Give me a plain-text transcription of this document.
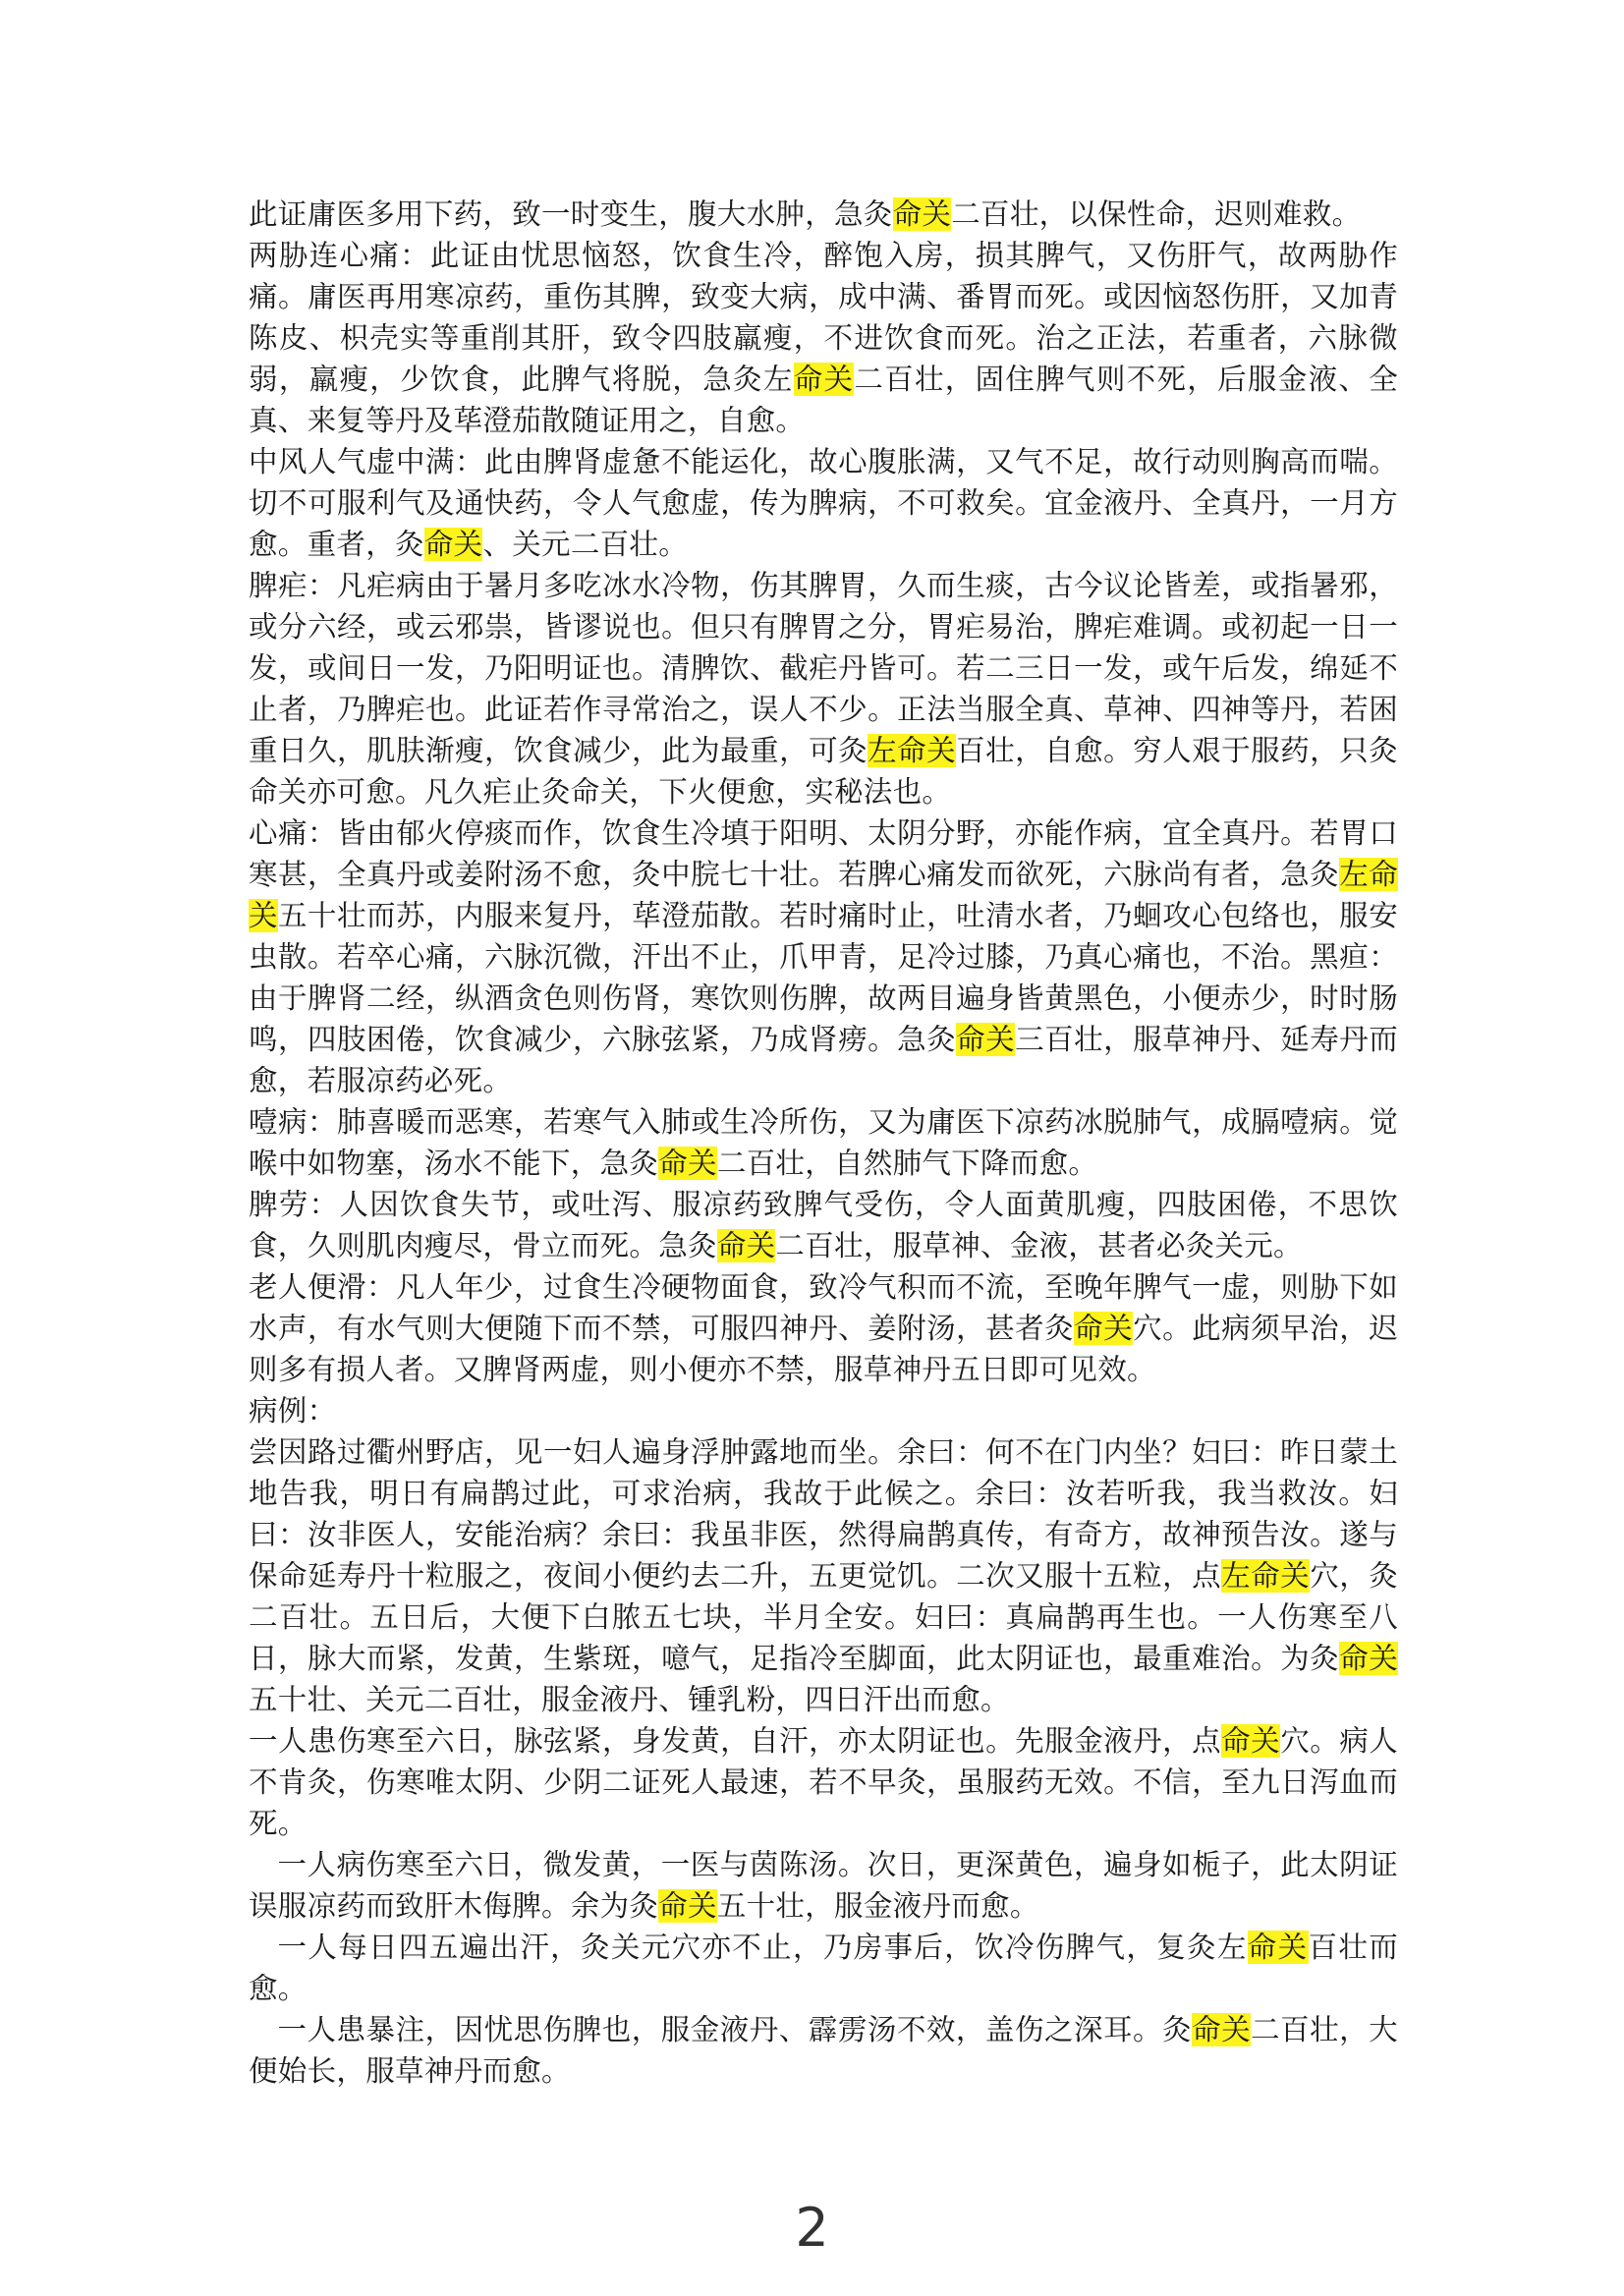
此证庸医多用下药，致一时变生，腹大水肿，急灸命关二百壮，以保性命，迟则难救。

两胁连心痛：此证由忧思恼怒，饮食生冷，醉饱入房，损其脾气，又伤肝气，故两胁作痛。庸医再用寒凉药，重伤其脾，致变大病，成中满、番胃而死。或因恼怒伤肝，又加青陈皮、枳壳实等重削其肝，致令四肢羸瘦，不进饮食而死。治之正法，若重者，六脉微弱，羸瘦，少饮食，此脾气将脱，急灸左命关二百壮，固住脾气则不死，后服金液、全真、来复等丹及荜澄茄散随证用之，自愈。

中风人气虚中满：此由脾肾虚惫不能运化，故心腹胀满，又气不足，故行动则胸高而喘。切不可服利气及通快药，令人气愈虚，传为脾病，不可救矣。宜金液丹、全真丹，一月方愈。重者，灸命关、关元二百壮。

脾疟：凡疟病由于暑月多吃冰水冷物，伤其脾胃，久而生痰，古今议论皆差，或指暑邪，或分六经，或云邪祟，皆谬说也。但只有脾胃之分，胃疟易治，脾疟难调。或初起一日一发，或间日一发，乃阳明证也。清脾饮、截疟丹皆可。若二三日一发，或午后发，绵延不止者，乃脾疟也。此证若作寻常治之，误人不少。正法当服全真、草神、四神等丹，若困重日久，肌肤渐瘦，饮食减少，此为最重，可灸左命关百壮，自愈。穷人艰于服药，只灸命关亦可愈。凡久疟止灸命关，下火便愈，实秘法也。

心痛：皆由郁火停痰而作，饮食生冷填于阳明、太阴分野，亦能作病，宜全真丹。若胃口寒甚，全真丹或姜附汤不愈，灸中脘七十壮。若脾心痛发而欲死，六脉尚有者，急灸左命关五十壮而苏，内服来复丹，荜澄茄散。若时痛时止，吐清水者，乃蛔攻心包络也，服安虫散。若卒心痛，六脉沉微，汗出不止，爪甲青，足冷过膝，乃真心痛也，不治。黑疸：由于脾肾二经，纵酒贪色则伤肾，寒饮则伤脾，故两目遍身皆黄黑色，小便赤少，时时肠鸣，四肢困倦，饮食减少，六脉弦紧，乃成肾痨。急灸命关三百壮，服草神丹、延寿丹而愈，若服凉药必死。

噎病：肺喜暖而恶寒，若寒气入肺或生冷所伤，又为庸医下凉药冰脱肺气，成膈噎病。觉喉中如物塞，汤水不能下，急灸命关二百壮，自然肺气下降而愈。

脾劳：人因饮食失节，或吐泻、服凉药致脾气受伤，令人面黄肌瘦，四肢困倦，不思饮食，久则肌肉瘦尽，骨立而死。急灸命关二百壮，服草神、金液，甚者必灸关元。

老人便滑：凡人年少，过食生冷硬物面食，致冷气积而不流，至晚年脾气一虚，则胁下如水声，有水气则大便随下而不禁，可服四神丹、姜附汤，甚者灸命关穴。此病须早治，迟则多有损人者。又脾肾两虚，则小便亦不禁，服草神丹五日即可见效。

病例：

尝因路过衢州野店，见一妇人遍身浮肿露地而坐。余曰：何不在门内坐？妇曰：昨日蒙土地告我，明日有扁鹊过此，可求治病，我故于此候之。余曰：汝若听我，我当救汝。妇曰：汝非医人，安能治病？余曰：我虽非医，然得扁鹊真传，有奇方，故神预告汝。遂与保命延寿丹十粒服之，夜间小便约去二升，五更觉饥。二次又服十五粒，点左命关穴，灸二百壮。五日后，大便下白脓五七块，半月全安。妇曰：真扁鹊再生也。一人伤寒至八日，脉大而紧，发黄，生紫斑，噫气，足指冷至脚面，此太阴证也，最重难治。为灸命关五十壮、关元二百壮，服金液丹、锺乳粉，四日汗出而愈。

一人患伤寒至六日，脉弦紧，身发黄，自汗，亦太阴证也。先服金液丹，点命关穴。病人不肯灸，伤寒唯太阴、少阴二证死人最速，若不早灸，虽服药无效。不信，至九日泻血而死。

一人病伤寒至六日，微发黄，一医与茵陈汤。次日，更深黄色，遍身如栀子，此太阴证误服凉药而致肝木侮脾。余为灸命关五十壮，服金液丹而愈。

一人每日四五遍出汗，灸关元穴亦不止，乃房事后，饮冷伤脾气，复灸左命关百壮而愈。

一人患暴注，因忧思伤脾也，服金液丹、霹雳汤不效，盖伤之深耳。灸命关二百壮，大便始长，服草神丹而愈。

2
